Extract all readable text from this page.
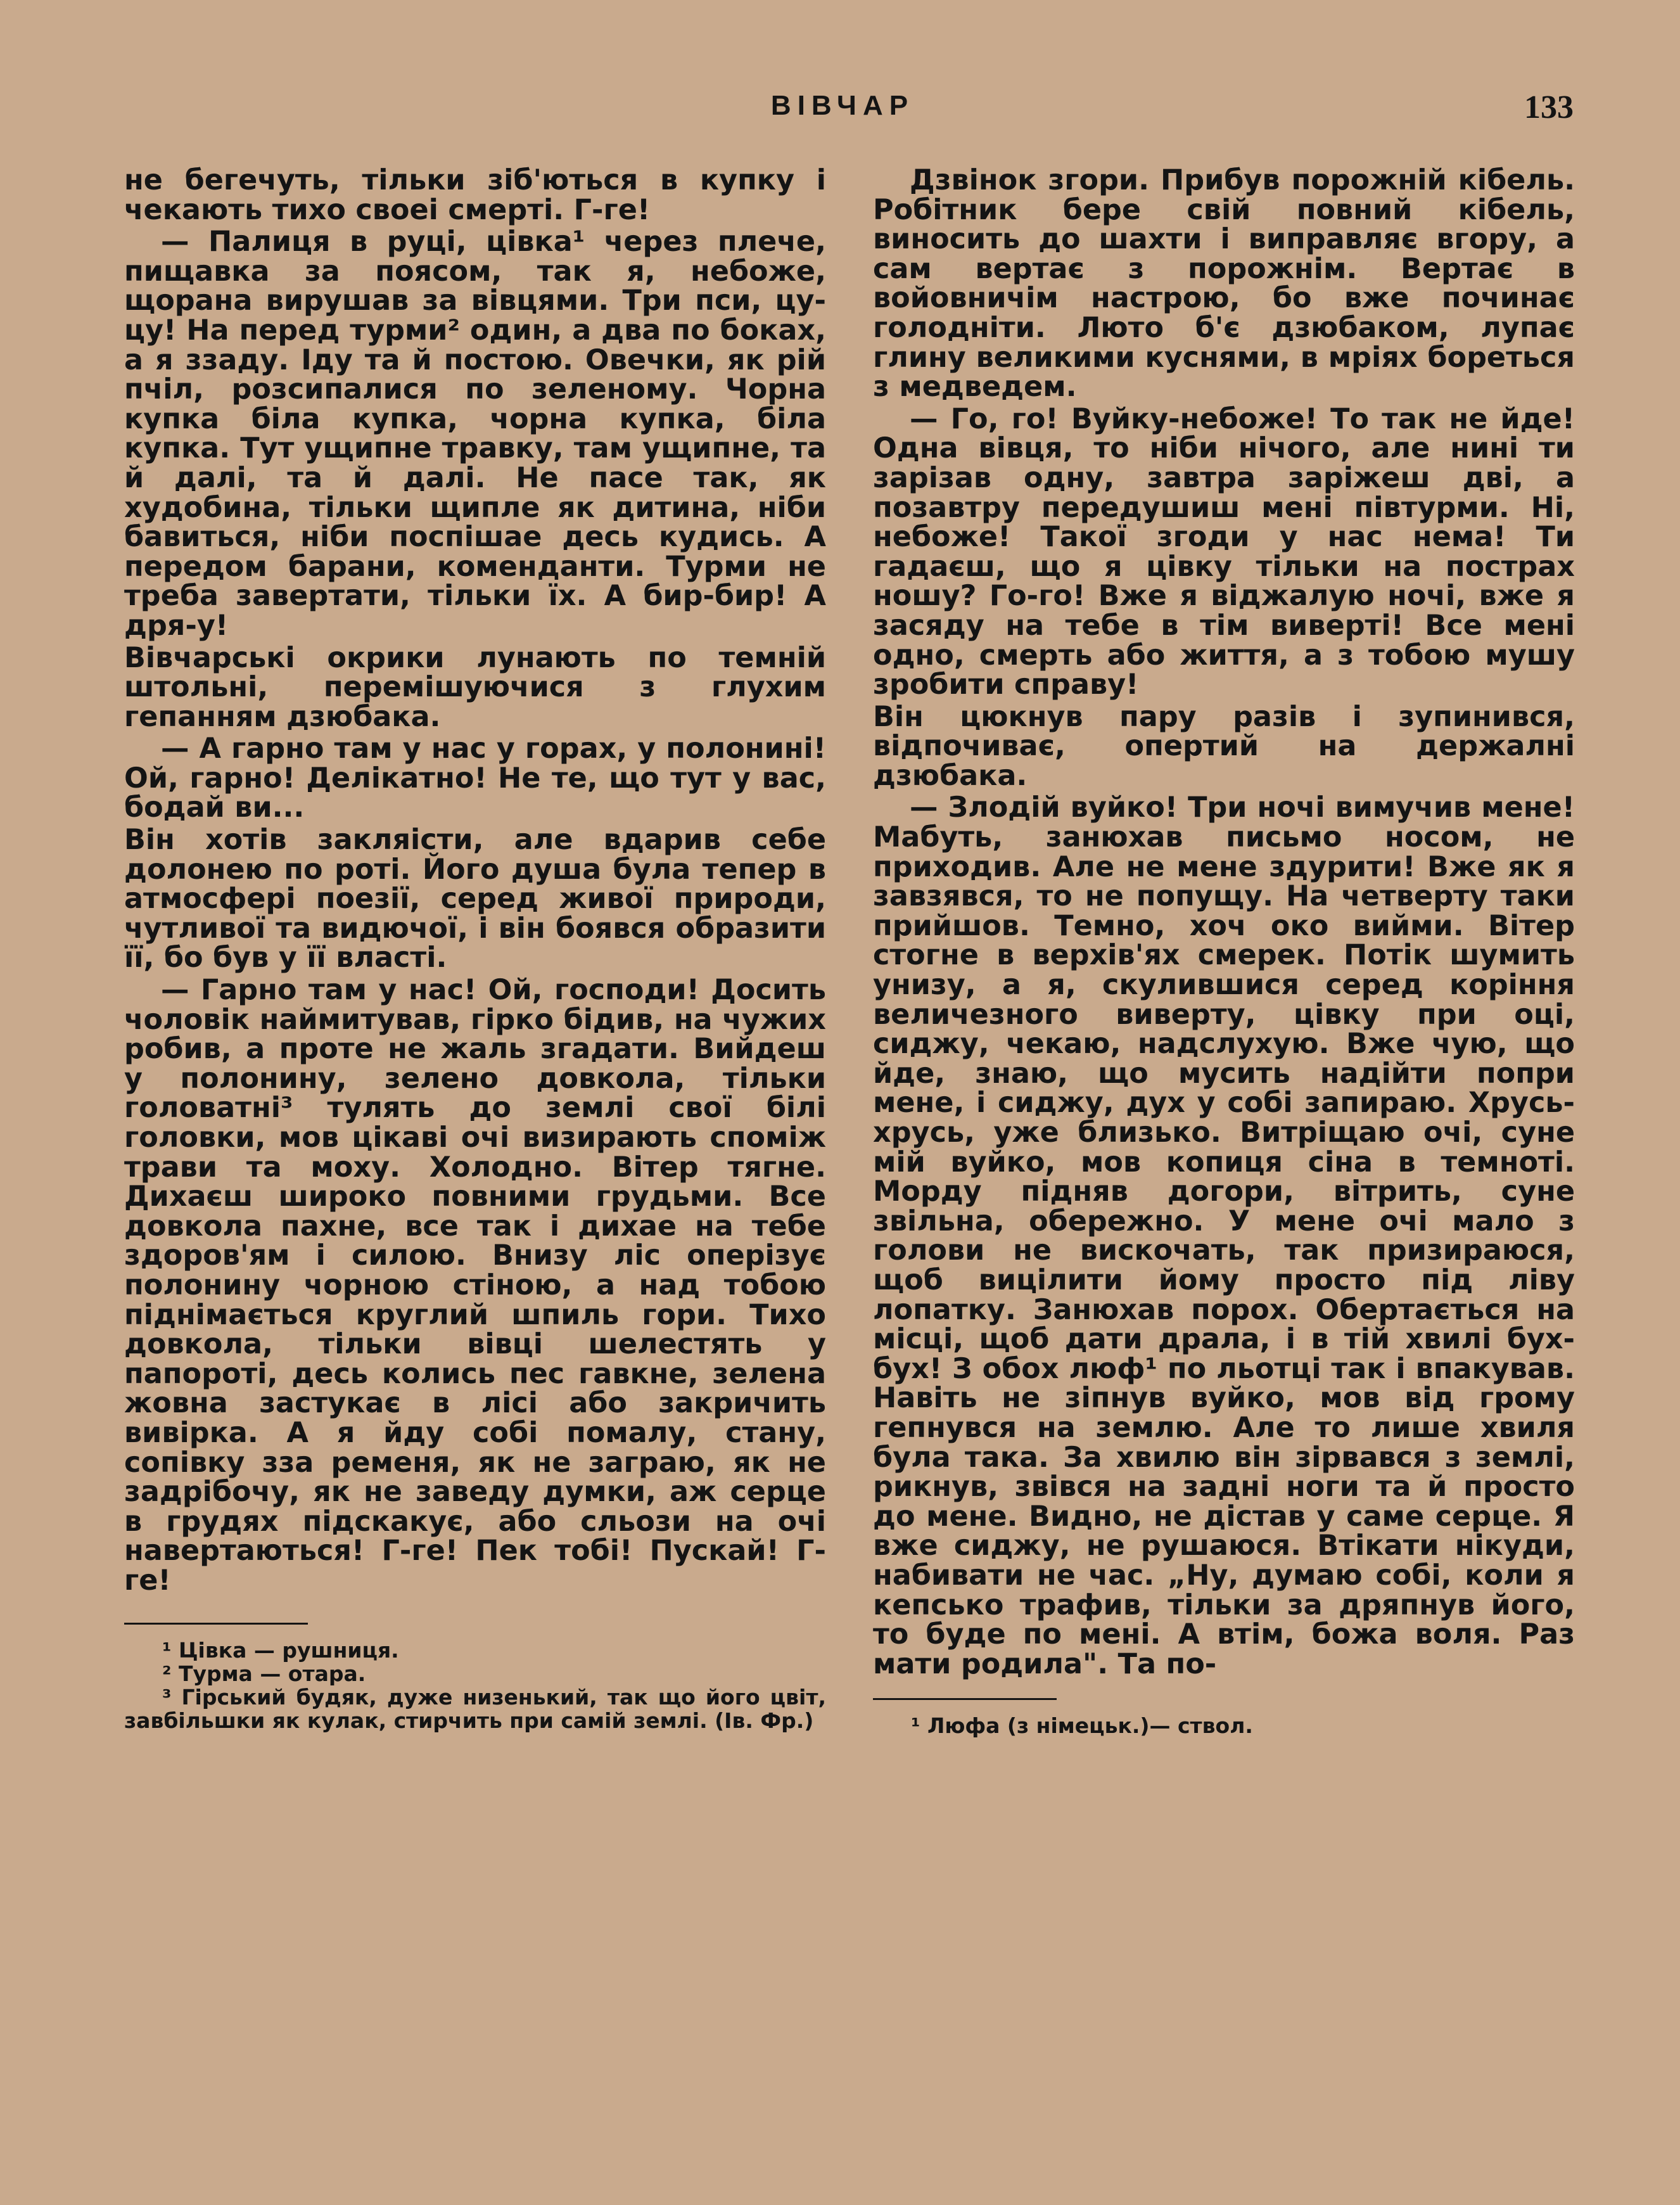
ВІВЧАР	133

не бегечуть, тільки зіб'ються в купку і чекають тихо своеі смерті. Г-ге!

— Палиця в руці, цівка¹ через плече, пищавка за поясом, так я, небоже, щорана вирушав за вівцями. Три пси, цу-цу! На перед турми² один, а два по боках, а я ззаду. Іду та й постою. Овечки, як рій пчіл, розсипалися по зеленому. Чорна купка біла купка, чорна купка, біла купка. Тут ущипне травку, там ущипне, та й далі, та й далі. Не пасе так, як худобина, тільки щипле як дитина, ніби бавиться, ніби поспішае десь кудись. А передом барани, коменданти. Турми не треба завертати, тільки їх. А бир-бир! А дря-у!

Вівчарські окрики лунають по темній штольні, перемішуючися з глухим гепанням дзюбака.

— А гарно там у нас у горах, у полонині! Ой, гарно! Делікатно! Не те, що тут у вас, бодай ви...

Він хотів закляісти, але вдарив себе долонею по роті. Його душа була тепер в атмосфері поезії, серед живої природи, чутливої та видючої, і він боявся образити її, бо був у її власті.

— Гарно там у нас! Ой, господи! Досить чоловік наймитував, гірко бідив, на чужих робив, а проте не жаль згадати. Вийдеш у полонину, зелено довкола, тільки головатні³ тулять до землі свої білі головки, мов цікаві очі визирають споміж трави та моху. Холодно. Вітер тягне. Дихаєш широко повними грудьми. Все довкола пахне, все так і дихае на тебе здоров'ям і силою. Внизу ліс оперізує полонину чорною стіною, а над тобою піднімається круглий шпиль гори. Тихо довкола, тільки вівці шелестять у папороті, десь колись пес гавкне, зелена жовна застукає в лісі або закричить вивірка. А я йду собі помалу, стану, сопівку зза ременя, як не заграю, як не задрібочу, як не заведу думки, аж серце в грудях підскакує, або сльози на очі навертаються! Г-ге! Пек тобі! Пускай! Г-ге!

¹ Цівка — рушниця.

² Турма — отара.

³ Гірський будяк, дуже низенький, так що його цвіт, завбільшки як кулак, стирчить при самій землі. (Ів. Фр.)

Дзвінок згори. Прибув порожній кібель. Робітник бере свій повний кібель, виносить до шахти і виправляє вгору, а сам вертає з порожнім. Вертає в войовничім настрою, бо вже починає голодніти. Люто б'є дзюбаком, лупає глину великими куснями, в мріях бореться з медведем.

— Го, го! Вуйку-небоже! То так не йде! Одна вівця, то ніби нічого, але нині ти зарізав одну, завтра заріжеш дві, а позавтру передушиш мені півтурми. Ні, небоже! Такої згоди у нас нема! Ти гадаєш, що я цівку тільки на пострах ношу? Го-го! Вже я віджалую ночі, вже я засяду на тебе в тім виверті! Все мені одно, смерть або життя, а з тобою мушу зробити справу!

Він цюкнув пару разів і зупинився, відпочиває, опертий на держалні дзюбака.

— Злодій вуйко! Три ночі вимучив мене! Мабуть, занюхав письмо носом, не приходив. Але не мене здурити! Вже як я завзявся, то не попущу. На четверту таки прийшов. Темно, хоч око вийми. Вітер стогне в верхів'ях смерек. Потік шумить унизу, а я, скулившися серед коріння величезного виверту, цівку при оці, сиджу, чекаю, надслухую. Вже чую, що йде, знаю, що мусить надійти попри мене, і сиджу, дух у собі запираю. Хрусь-хрусь, уже близько. Витріщаю очі, суне мій вуйко, мов копиця сіна в темноті. Морду підняв догори, вітрить, суне звільна, обережно. У мене очі мало з голови не вискочать, так призираюся, щоб вицілити йому просто під ліву лопатку. Занюхав порох. Обертається на місці, щоб дати драла, і в тій хвилі бух-бух! З обох люф¹ по льотці так і впакував. Навіть не зіпнув вуйко, мов від грому гепнувся на землю. Але то лише хвиля була така. За хвилю він зірвався з землі, рикнув, звівся на задні ноги та й просто до мене. Видно, не дістав у саме серце. Я вже сиджу, не рушаюся. Втікати нікуди, набивати не час. „Ну, думаю собі, коли я кепсько трафив, тільки за дряпнув його, то буде по мені. А втім, божа воля. Раз мати родила". Та по-

¹ Люфа (з німецьк.)— ствол.
